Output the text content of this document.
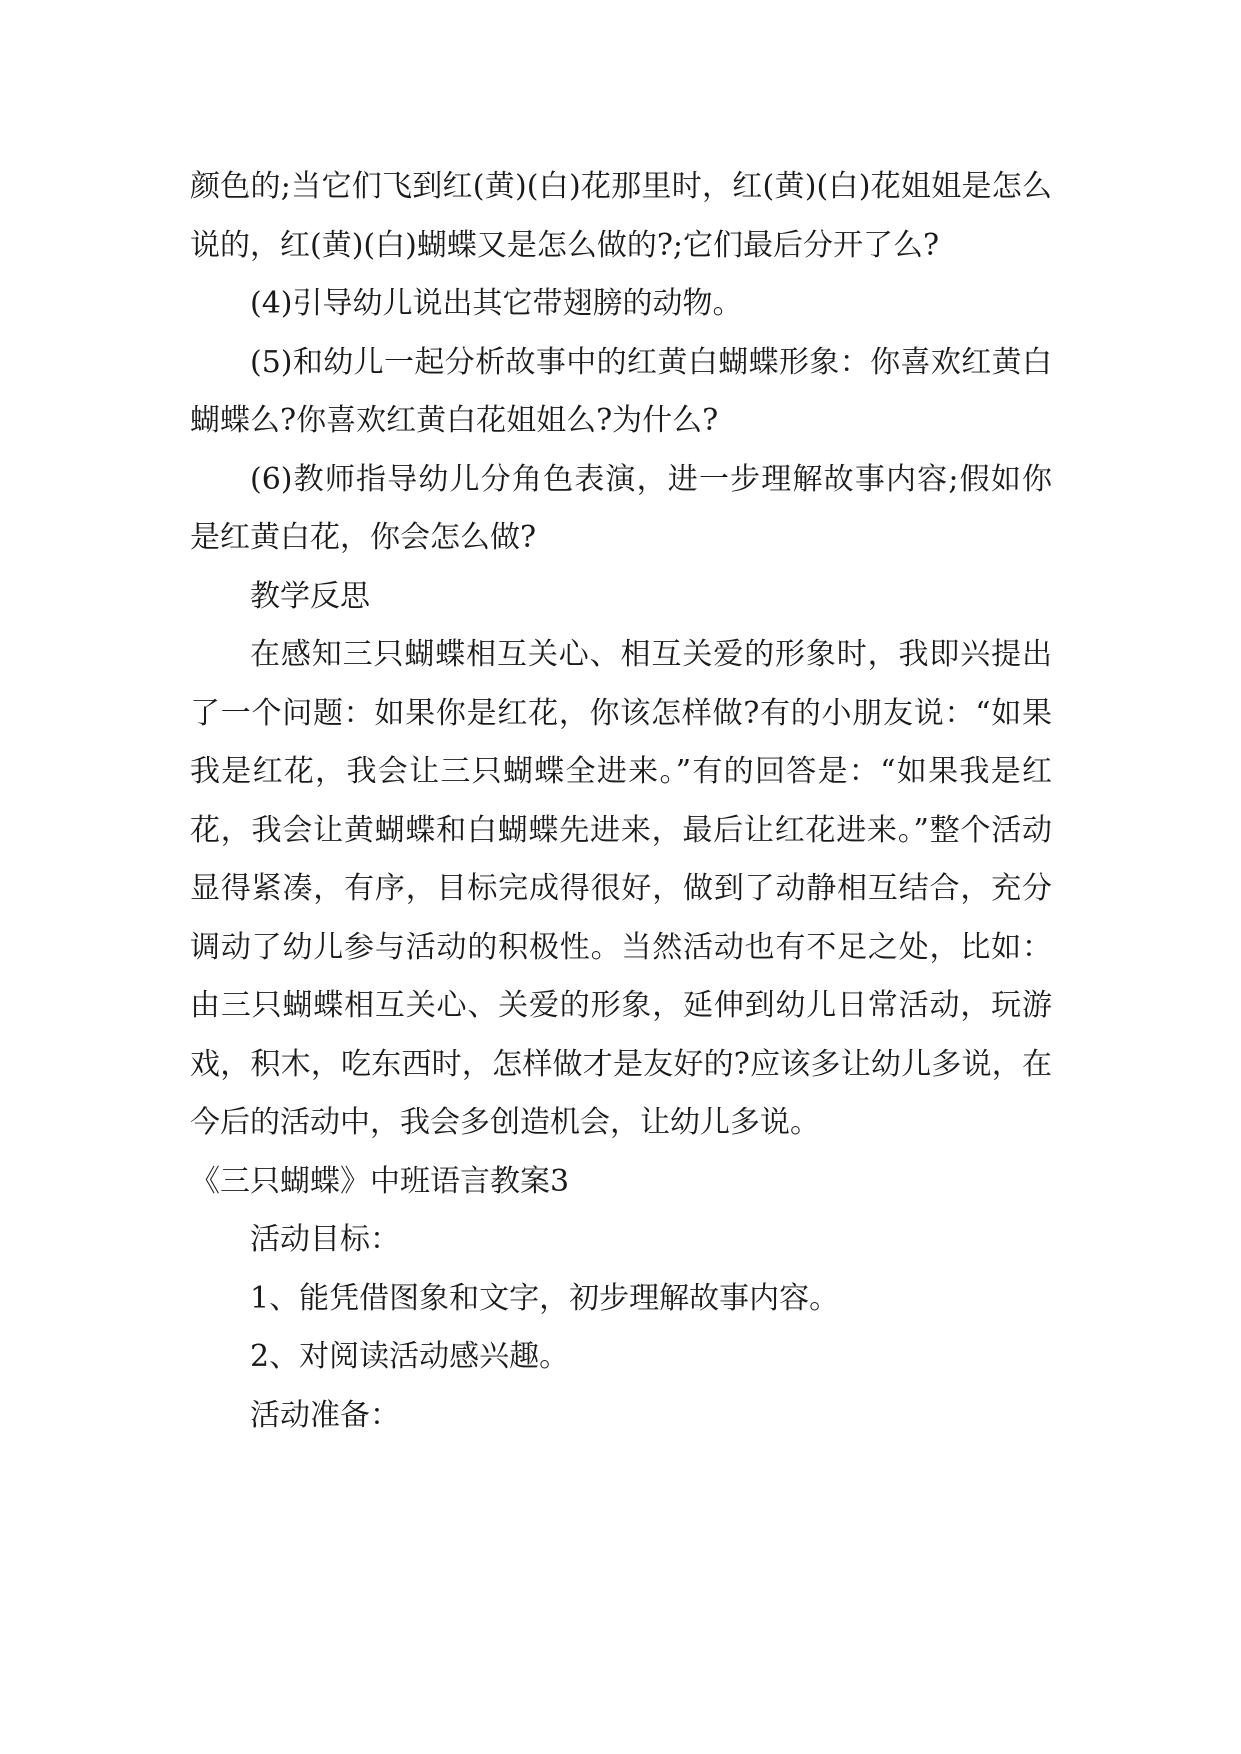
颜色的;当它们飞到红(黄)(白)花那里时，红(黄)(白)花姐姐是怎么说的，红(黄)(白)蝴蝶又是怎么做的?;它们最后分开了么?

(4)引导幼儿说出其它带翅膀的动物。

(5)和幼儿一起分析故事中的红黄白蝴蝶形象：你喜欢红黄白蝴蝶么?你喜欢红黄白花姐姐么?为什么?

(6)教师指导幼儿分角色表演，进一步理解故事内容;假如你是红黄白花，你会怎么做?

教学反思

在感知三只蝴蝶相互关心、相互关爱的形象时，我即兴提出了一个问题：如果你是红花，你该怎样做?有的小朋友说：“如果我是红花，我会让三只蝴蝶全进来。”有的回答是：“如果我是红花，我会让黄蝴蝶和白蝴蝶先进来，最后让红花进来。”整个活动显得紧凑，有序，目标完成得很好，做到了动静相互结合，充分调动了幼儿参与活动的积极性。当然活动也有不足之处，比如：由三只蝴蝶相互关心、关爱的形象，延伸到幼儿日常活动，玩游戏，积木，吃东西时，怎样做才是友好的?应该多让幼儿多说，在今后的活动中，我会多创造机会，让幼儿多说。

《三只蝴蝶》中班语言教案3

活动目标：

1、能凭借图象和文字，初步理解故事内容。

2、对阅读活动感兴趣。

活动准备：
